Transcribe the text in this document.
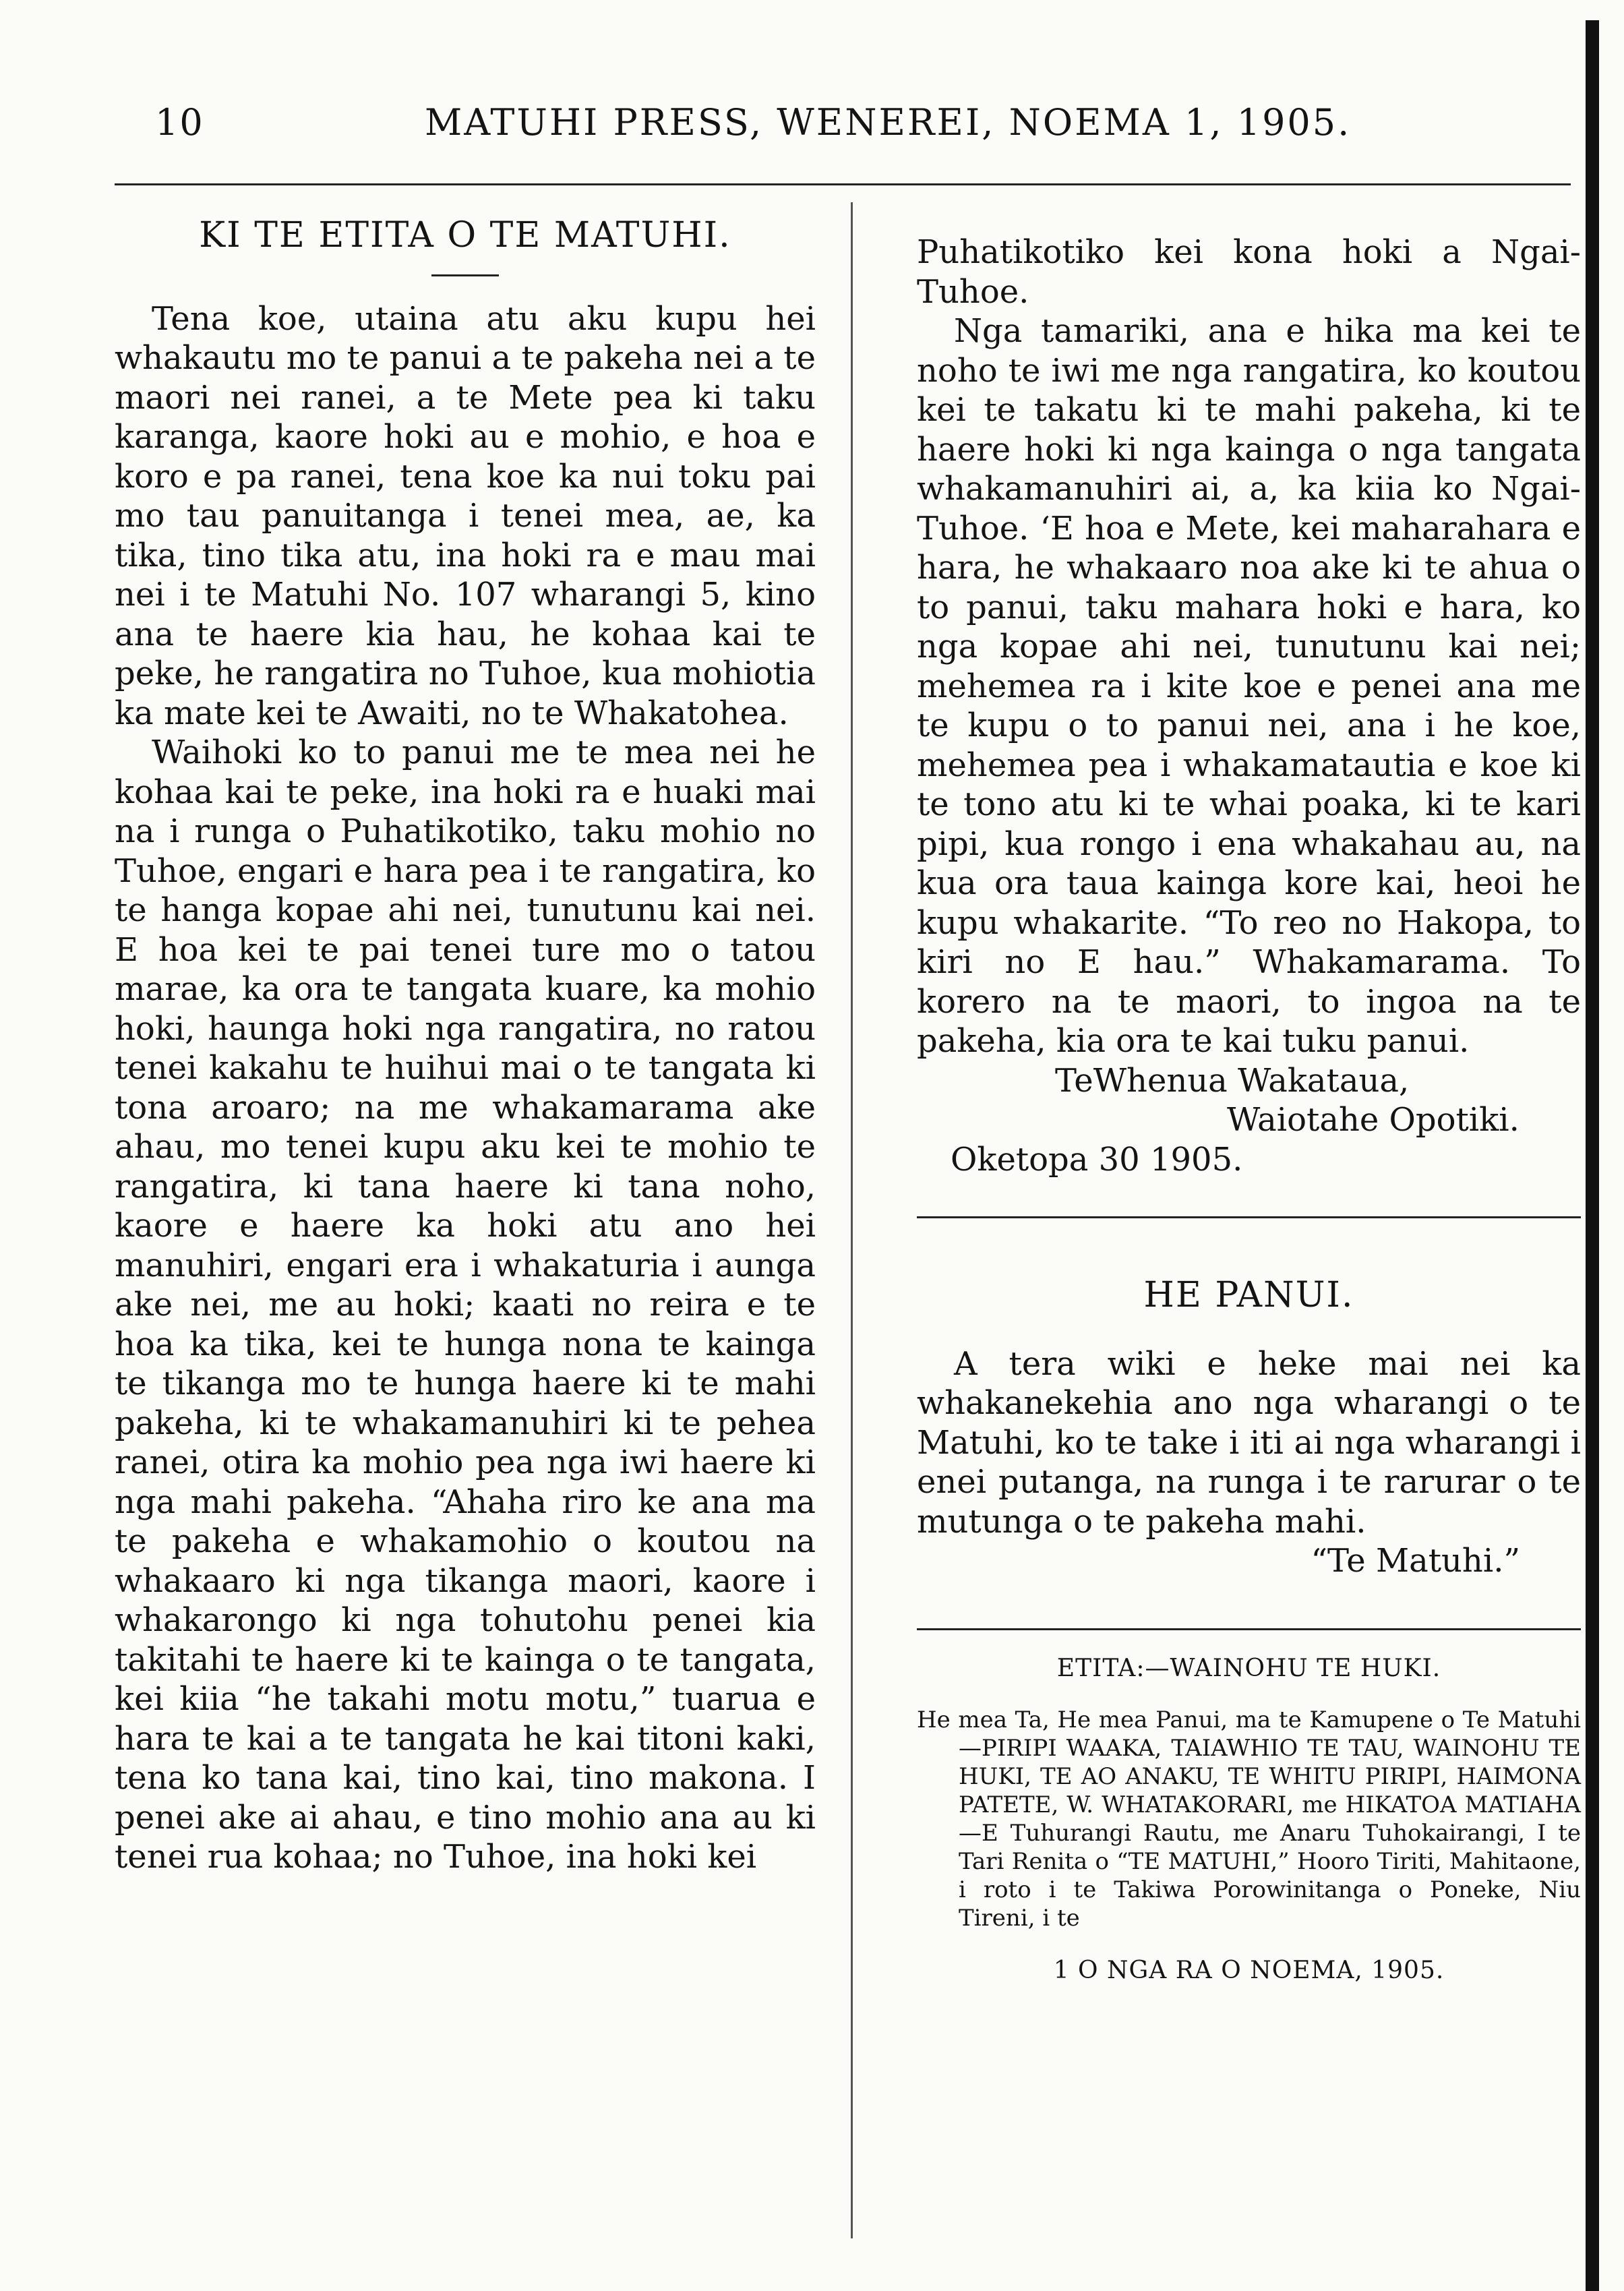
10	MATUHI PRESS, WENEREI, NOEMA 1, 1905.

KI TE ETITA O TE MATUHI.

Tena koe, utaina atu aku kupu hei whakautu mo te panui a te pakeha nei a te maori nei ranei, a te Mete pea ki taku karanga, kaore hoki au e mohio, e hoa e koro e pa ranei, tena koe ka nui toku pai mo tau panuitanga i tenei mea, ae, ka tika, tino tika atu, ina hoki ra e mau mai nei i te Matuhi No. 107 wharangi 5, kino ana te haere kia hau, he kohaa kai te peke, he rangatira no Tuhoe, kua mohiotia ka mate kei te Awaiti, no te Whakatohea.

Waihoki ko to panui me te mea nei he kohaa kai te peke, ina hoki ra e huaki mai na i runga o Puhatikotiko, taku mohio no Tuhoe, engari e hara pea i te rangatira, ko te hanga kopae ahi nei, tunutunu kai nei. E hoa kei te pai tenei ture mo o tatou marae, ka ora te tangata kuare, ka mohio hoki, haunga hoki nga rangatira, no ratou tenei kakahu te huihui mai o te tangata ki tona aroaro; na me whakamarama ake ahau, mo tenei kupu aku kei te mohio te rangatira, ki tana haere ki tana noho, kaore e haere ka hoki atu ano hei manuhiri, engari era i whakaturia i aunga ake nei, me au hoki; kaati no reira e te hoa ka tika, kei te hunga nona te kainga te tikanga mo te hunga haere ki te mahi pakeha, ki te whakamanuhiri ki te pehea ranei, otira ka mohio pea nga iwi haere ki nga mahi pakeha. “Ahaha riro ke ana ma te pakeha e whakamohio o koutou na whakaaro ki nga tikanga maori, kaore i whakarongo ki nga tohutohu penei kia takitahi te haere ki te kainga o te tangata, kei kiia “he takahi motu motu,” tuarua e hara te kai a te tangata he kai titoni kaki, tena ko tana kai, tino kai, tino makona. I penei ake ai ahau, e tino mohio ana au ki tenei rua kohaa; no Tuhoe, ina hoki kei

Puhatikotiko kei kona hoki a Ngai-Tuhoe.

Nga tamariki, ana e hika ma kei te noho te iwi me nga rangatira, ko koutou kei te takatu ki te mahi pakeha, ki te haere hoki ki nga kainga o nga tangata whakamanuhiri ai, a, ka kiia ko Ngai-Tuhoe. ‘E hoa e Mete, kei maharahara e hara, he whakaaro noa ake ki te ahua o to panui, taku mahara hoki e hara, ko nga kopae ahi nei, tunutunu kai nei; mehemea ra i kite koe e penei ana me te kupu o to panui nei, ana i he koe, mehemea pea i whakamatautia e koe ki te tono atu ki te whai poaka, ki te kari pipi, kua rongo i ena whakahau au, na kua ora taua kainga kore kai, heoi he kupu whakarite. “To reo no Hakopa, to kiri no E hau.” Whakamarama. To korero na te maori, to ingoa na te pakeha, kia ora te kai tuku panui.

TeWhenua Wakataua,

Waiotahe Opotiki.

Oketopa 30 1905.

HE PANUI.

A tera wiki e heke mai nei ka whakanekehia ano nga wharangi o te Matuhi, ko te take i iti ai nga wharangi i enei putanga, na runga i te rarurar o te mutunga o te pakeha mahi.

“Te Matuhi.”

ETITA:—WAINOHU TE HUKI.

He mea Ta, He mea Panui, ma te Kamupene o Te Matuhi—PIRIPI WAAKA, TAIAWHIO TE TAU, WAINOHU TE HUKI, TE AO ANAKU, TE WHITU PIRIPI, HAIMONA PATETE, W. WHATAKORARI, me HIKATOA MATIAHA—E Tuhurangi Rautu, me Anaru Tuhokairangi, I te Tari Renita o “TE MATUHI,” Hooro Tiriti, Mahitaone, i roto i te Takiwa Porowinitanga o Poneke, Niu Tireni, i te

1 O NGA RA O NOEMA, 1905.
